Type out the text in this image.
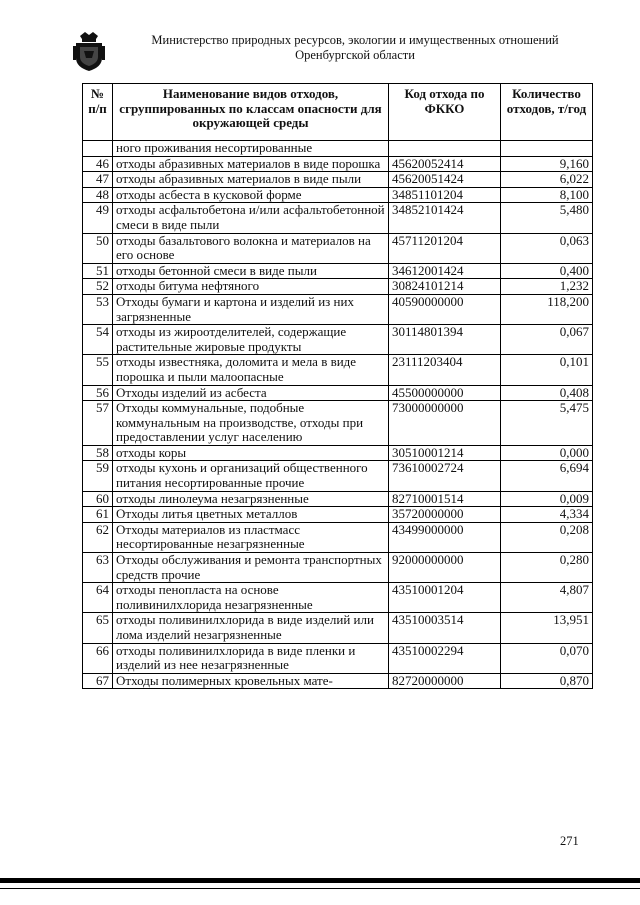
Министерство природных ресурсов, экологии и имущественных отношений
Оренбургской области
№ п/п	Наименование видов отходов, сгруппированных по классам опасности для окружающей среды	Код отхода по ФККО	Количество отходов, т/год
	ного проживания несортированные		
46	отходы абразивных материалов в виде порошка	45620052414	9,160
47	отходы абразивных материалов в виде пыли	45620051424	6,022
48	отходы асбеста в кусковой форме	34851101204	8,100
49	отходы асфальтобетона и/или асфальтобетонной смеси в виде пыли	34852101424	5,480
50	отходы базальтового волокна и материалов на его основе	45711201204	0,063
51	отходы бетонной смеси в виде пыли	34612001424	0,400
52	отходы битума нефтяного	30824101214	1,232
53	Отходы бумаги и картона и изделий из них загрязненные	40590000000	118,200
54	отходы из жироотделителей, содержащие растительные жировые продукты	30114801394	0,067
55	отходы известняка, доломита и мела в виде порошка и пыли малоопасные	23111203404	0,101
56	Отходы изделий из асбеста	45500000000	0,408
57	Отходы коммунальные, подобные коммунальным на производстве, отходы при предоставлении услуг населению	73000000000	5,475
58	отходы коры	30510001214	0,000
59	отходы кухонь и организаций общественного питания несортированные прочие	73610002724	6,694
60	отходы линолеума незагрязненные	82710001514	0,009
61	Отходы литья цветных металлов	35720000000	4,334
62	Отходы материалов из пластмасс несортированные незагрязненные	43499000000	0,208
63	Отходы обслуживания и ремонта транспортных средств прочие	92000000000	0,280
64	отходы пенопласта на основе поливинилхлорида незагрязненные	43510001204	4,807
65	отходы поливинилхлорида в виде изделий или лома изделий незагрязненные	43510003514	13,951
66	отходы поливинилхлорида в виде пленки и изделий из нее незагрязненные	43510002294	0,070
67	Отходы полимерных кровельных мате-	82720000000	0,870
271
